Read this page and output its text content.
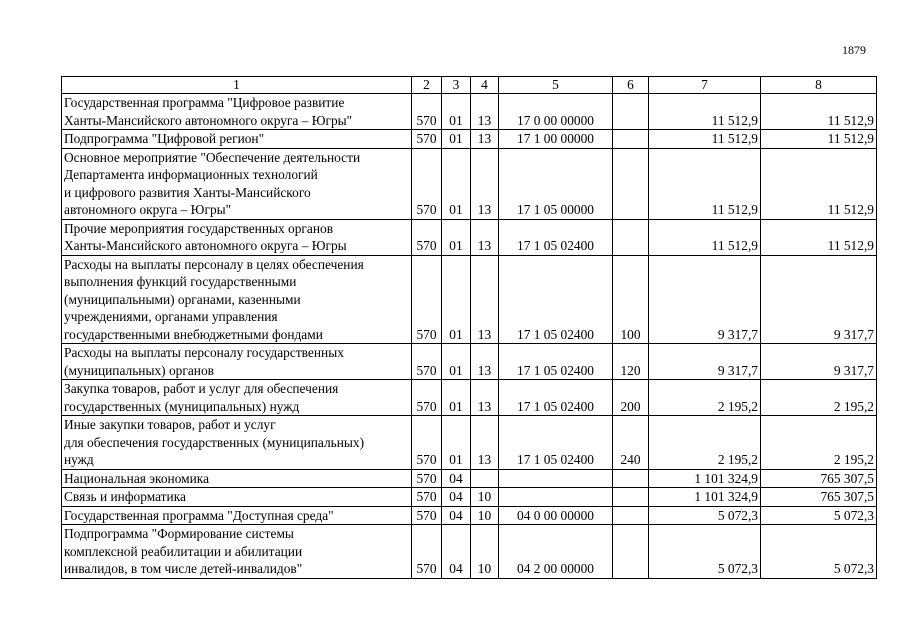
1879
1	2	3	4	5	6	7	8
Государственная программа "Цифровое развитие
Ханты-Мансийского автономного округа – Югры"	570	01	13	17 0 00 00000		11 512,9	11 512,9
Подпрограмма "Цифровой регион"	570	01	13	17 1 00 00000		11 512,9	11 512,9
Основное мероприятие "Обеспечение деятельности
Департамента информационных технологий
и цифрового развития Ханты-Мансийского
автономного округа – Югры"	570	01	13	17 1 05 00000		11 512,9	11 512,9
Прочие мероприятия государственных органов
Ханты-Мансийского автономного округа – Югры	570	01	13	17 1 05 02400		11 512,9	11 512,9
Расходы на выплаты персоналу в целях обеспечения
выполнения функций государственными
(муниципальными) органами, казенными
учреждениями, органами управления
государственными внебюджетными фондами	570	01	13	17 1 05 02400	100	9 317,7	9 317,7
Расходы на выплаты персоналу государственных
(муниципальных) органов	570	01	13	17 1 05 02400	120	9 317,7	9 317,7
Закупка товаров, работ и услуг для обеспечения
государственных (муниципальных) нужд	570	01	13	17 1 05 02400	200	2 195,2	2 195,2
Иные закупки товаров, работ и услуг
для обеспечения государственных (муниципальных)
нужд	570	01	13	17 1 05 02400	240	2 195,2	2 195,2
Национальная экономика	570	04				1 101 324,9	765 307,5
Связь и информатика	570	04	10			1 101 324,9	765 307,5
Государственная программа "Доступная среда"	570	04	10	04 0 00 00000		5 072,3	5 072,3
Подпрограмма "Формирование системы
комплексной реабилитации и абилитации
инвалидов, в том числе детей-инвалидов"	570	04	10	04 2 00 00000		5 072,3	5 072,3
